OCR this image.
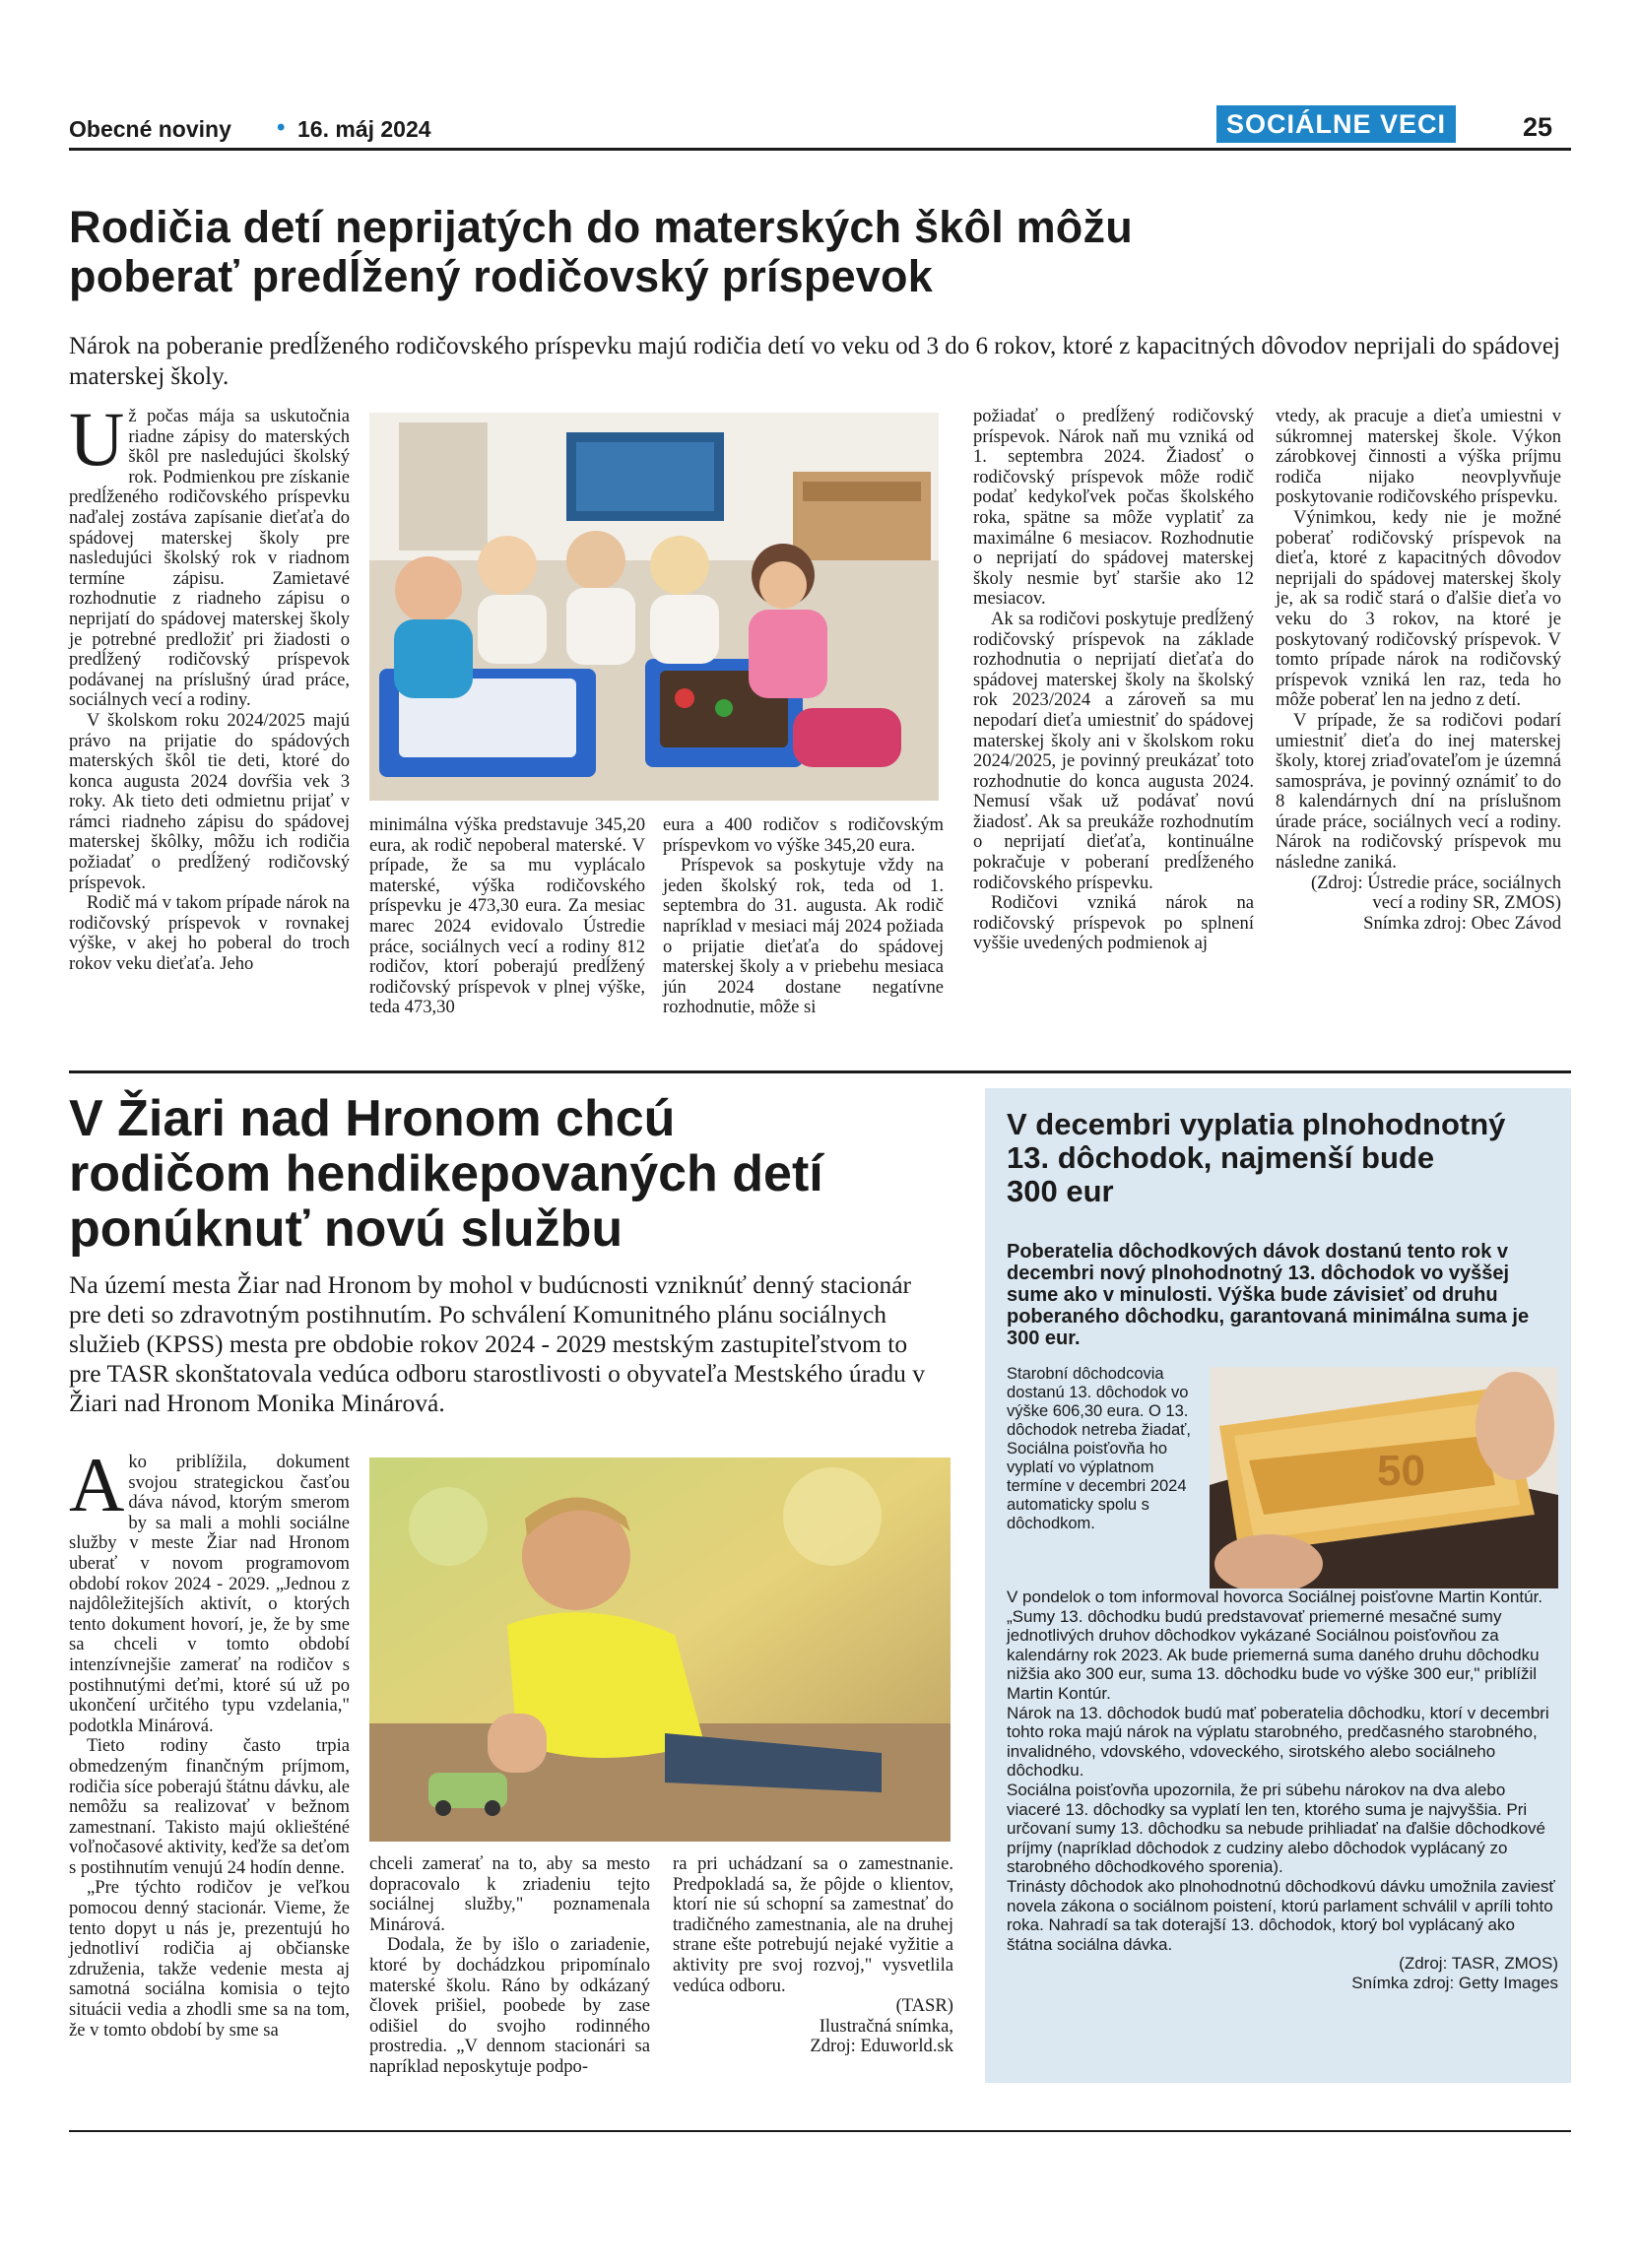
Obecné noviny • 16. máj 2024	SOCIÁLNE VECI	25
Rodičia detí neprijatých do materských škôl môžu
poberať predĺžený rodičovský príspevok
Nárok na poberanie predĺženého rodičovského príspevku majú rodičia detí vo veku od 3 do 6 rokov, ktoré z kapacitných dôvodov neprijali do spádovej materskej školy.

Už počas mája sa uskutočnia riadne zápisy do materských škôl pre nasledujúci školský rok. Podmienkou pre získanie predĺženého rodičovského príspevku naďalej zostáva zapísanie dieťaťa do spádovej materskej školy pre nasledujúci školský rok v riadnom termíne zápisu. Zamietavé rozhodnutie z riadneho zápisu o neprijatí do spádovej materskej školy je potrebné predložiť pri žiadosti o predĺžený rodičovský príspevok podávanej na príslušný úrad práce, sociálnych vecí a rodiny.

V školskom roku 2024/2025 majú právo na prijatie do spádových materských škôl tie deti, ktoré do konca augusta 2024 dovŕšia vek 3 roky. Ak tieto deti odmietnu prijať v rámci riadneho zápisu do spádovej materskej škôlky, môžu ich rodičia požiadať o predĺžený rodičovský príspevok.

Rodič má v takom prípade nárok na rodičovský príspevok v rovnakej výške, v akej ho poberal do troch rokov veku dieťaťa. Jeho

minimálna výška predstavuje 345,20 eura, ak rodič nepoberal materské. V prípade, že sa mu vyplácalo materské, výška rodičovského príspevku je 473,30 eura. Za mesiac marec 2024 evidovalo Ústredie práce, sociálnych vecí a rodiny 812 rodičov, ktorí poberajú predĺžený rodičovský príspevok v plnej výške, teda 473,30

eura a 400 rodičov s rodičovským príspevkom vo výške 345,20 eura.

Príspevok sa poskytuje vždy na jeden školský rok, teda od 1. septembra do 31. augusta. Ak rodič napríklad v mesiaci máj 2024 požiada o prijatie dieťaťa do spádovej materskej školy a v priebehu mesiaca jún 2024 dostane negatívne rozhodnutie, môže si

požiadať o predĺžený rodičovský príspevok. Nárok naň mu vzniká od 1. septembra 2024. Žiadosť o rodičovský príspevok môže rodič podať kedykoľvek počas školského roka, spätne sa môže vyplatiť za maximálne 6 mesiacov. Rozhodnutie o neprijatí do spádovej materskej školy nesmie byť staršie ako 12 mesiacov.

Ak sa rodičovi poskytuje predĺžený rodičovský príspevok na základe rozhodnutia o neprijatí dieťaťa do spádovej materskej školy na školský rok 2023/2024 a zároveň sa mu nepodarí dieťa umiestniť do spádovej materskej školy ani v školskom roku 2024/2025, je povinný preukázať toto rozhodnutie do konca augusta 2024. Nemusí však už podávať novú žiadosť. Ak sa preukáže rozhodnutím o neprijatí dieťaťa, kontinuálne pokračuje v poberaní predĺženého rodičovského príspevku.

Rodičovi vzniká nárok na rodičovský príspevok po splnení vyššie uvedených podmienok aj

vtedy, ak pracuje a dieťa umiestni v súkromnej materskej škole. Výkon zárobkovej činnosti a výška príjmu rodiča nijako neovplyvňuje poskytovanie rodičovského príspevku.

Výnimkou, kedy nie je možné poberať rodičovský príspevok na dieťa, ktoré z kapacitných dôvodov neprijali do spádovej materskej školy je, ak sa rodič stará o ďalšie dieťa vo veku do 3 rokov, na ktoré je poskytovaný rodičovský príspevok. V tomto prípade nárok na rodičovský príspevok vzniká len raz, teda ho môže poberať len na jedno z detí.

V prípade, že sa rodičovi podarí umiestniť dieťa do inej materskej školy, ktorej zriaďovateľom je územná samospráva, je povinný oznámiť to do 8 kalendárnych dní na príslušnom úrade práce, sociálnych vecí a rodiny. Nárok na rodičovský príspevok mu následne zaniká.

(Zdroj: Ústredie práce, sociálnych vecí a rodiny SR, ZMOS)

Snímka zdroj: Obec Závod

V Žiari nad Hronom chcú
rodičom hendikepovaných detí
ponúknuť novú službu
Na území mesta Žiar nad Hronom by mohol v budúcnosti vzniknúť denný stacionár pre deti so zdravotným postihnutím. Po schválení Komunitného plánu sociálnych služieb (KPSS) mesta pre obdobie rokov 2024 - 2029 mestským zastupiteľstvom to pre TASR skonštatovala vedúca odboru starostlivosti o obyvateľa Mestského úradu v Žiari nad Hronom Monika Minárová.

Ako priblížila, dokument svojou strategickou časťou dáva návod, ktorým smerom by sa mali a mohli sociálne služby v meste Žiar nad Hronom uberať v novom programovom období rokov 2024 - 2029. „Jednou z najdôležitejších aktivít, o ktorých tento dokument hovorí, je, že by sme sa chceli v tomto období intenzívnejšie zamerať na rodičov s postihnutými deťmi, ktoré sú už po ukončení určitého typu vzdelania," podotkla Minárová.

Tieto rodiny často trpia obmedzeným finančným príjmom, rodičia síce poberajú štátnu dávku, ale nemôžu sa realizovať v bežnom zamestnaní. Takisto majú okliešténé voľnočasové aktivity, keďže sa deťom s postihnutím venujú 24 hodín denne.

„Pre týchto rodičov je veľkou pomocou denný stacionár. Vieme, že tento dopyt u nás je, prezentujú ho jednotliví rodičia aj občianske združenia, takže vedenie mesta aj samotná sociálna komisia o tejto situácii vedia a zhodli sme sa na tom, že v tomto období by sme sa

chceli zamerať na to, aby sa mesto dopracovalo k zriadeniu tejto sociálnej služby," poznamenala Minárová.

Dodala, že by išlo o zariadenie, ktoré by dochádzkou pripomínalo materské školu. Ráno by odkázaný človek prišiel, poobede by zase odišiel do svojho rodinného prostredia. „V dennom stacionári sa napríklad neposkytuje podpo-

ra pri uchádzaní sa o zamestnanie. Predpokladá sa, že pôjde o klientov, ktorí nie sú schopní sa zamestnať do tradičného zamestnania, ale na druhej strane ešte potrebujú nejaké vyžitie a aktivity pre svoj rozvoj," vysvetlila vedúca odboru.

(TASR)

Ilustračná snímka,

Zdroj: Eduworld.sk

V decembri vyplatia plnohodnotný
13. dôchodok, najmenší bude
300 eur
Poberatelia dôchodkových dávok dostanú tento rok v decembri nový plnohodnotný 13. dôchodok vo vyššej sume ako v minulosti. Výška bude závisieť od druhu poberaného dôchodku, garantovaná minimálna suma je 300 eur.
Starobní dôchodcovia dostanú 13. dôchodok vo výške 606,30 eura. O 13. dôchodok netreba žiadať, Sociálna poisťovňa ho vyplatí vo výplatnom termíne v decembri 2024 automaticky spolu s dôchodkom.
50
V pondelok o tom informoval hovorca Sociálnej poisťovne Martin Kontúr. „Sumy 13. dôchodku budú predstavovať priemerné mesačné sumy jednotlivých druhov dôchodkov vykázané Sociálnou poisťovňou za kalendárny rok 2023. Ak bude priemerná suma daného druhu dôchodku nižšia ako 300 eur, suma 13. dôchodku bude vo výške 300 eur," priblížil Martin Kontúr.
Nárok na 13. dôchodok budú mať poberatelia dôchodku, ktorí v decembri tohto roka majú nárok na výplatu starobného, predčasného starobného, invalidného, vdovského, vdoveckého, sirotského alebo sociálneho dôchodku.
Sociálna poisťovňa upozornila, že pri súbehu nárokov na dva alebo viaceré 13. dôchodky sa vyplatí len ten, ktorého suma je najvyššia. Pri určovaní sumy 13. dôchodku sa nebude prihliadať na ďalšie dôchodkové príjmy (napríklad dôchodok z cudziny alebo dôchodok vyplácaný zo starobného dôchodkového sporenia).
Trinásty dôchodok ako plnohodnotnú dôchodkovú dávku umožnila zaviesť novela zákona o sociálnom poistení, ktorú parlament schválil v apríli tohto roka. Nahradí sa tak doterajší 13. dôchodok, ktorý bol vyplácaný ako štátna sociálna dávka.
(Zdroj: TASR, ZMOS)
Snímka zdroj: Getty Images
